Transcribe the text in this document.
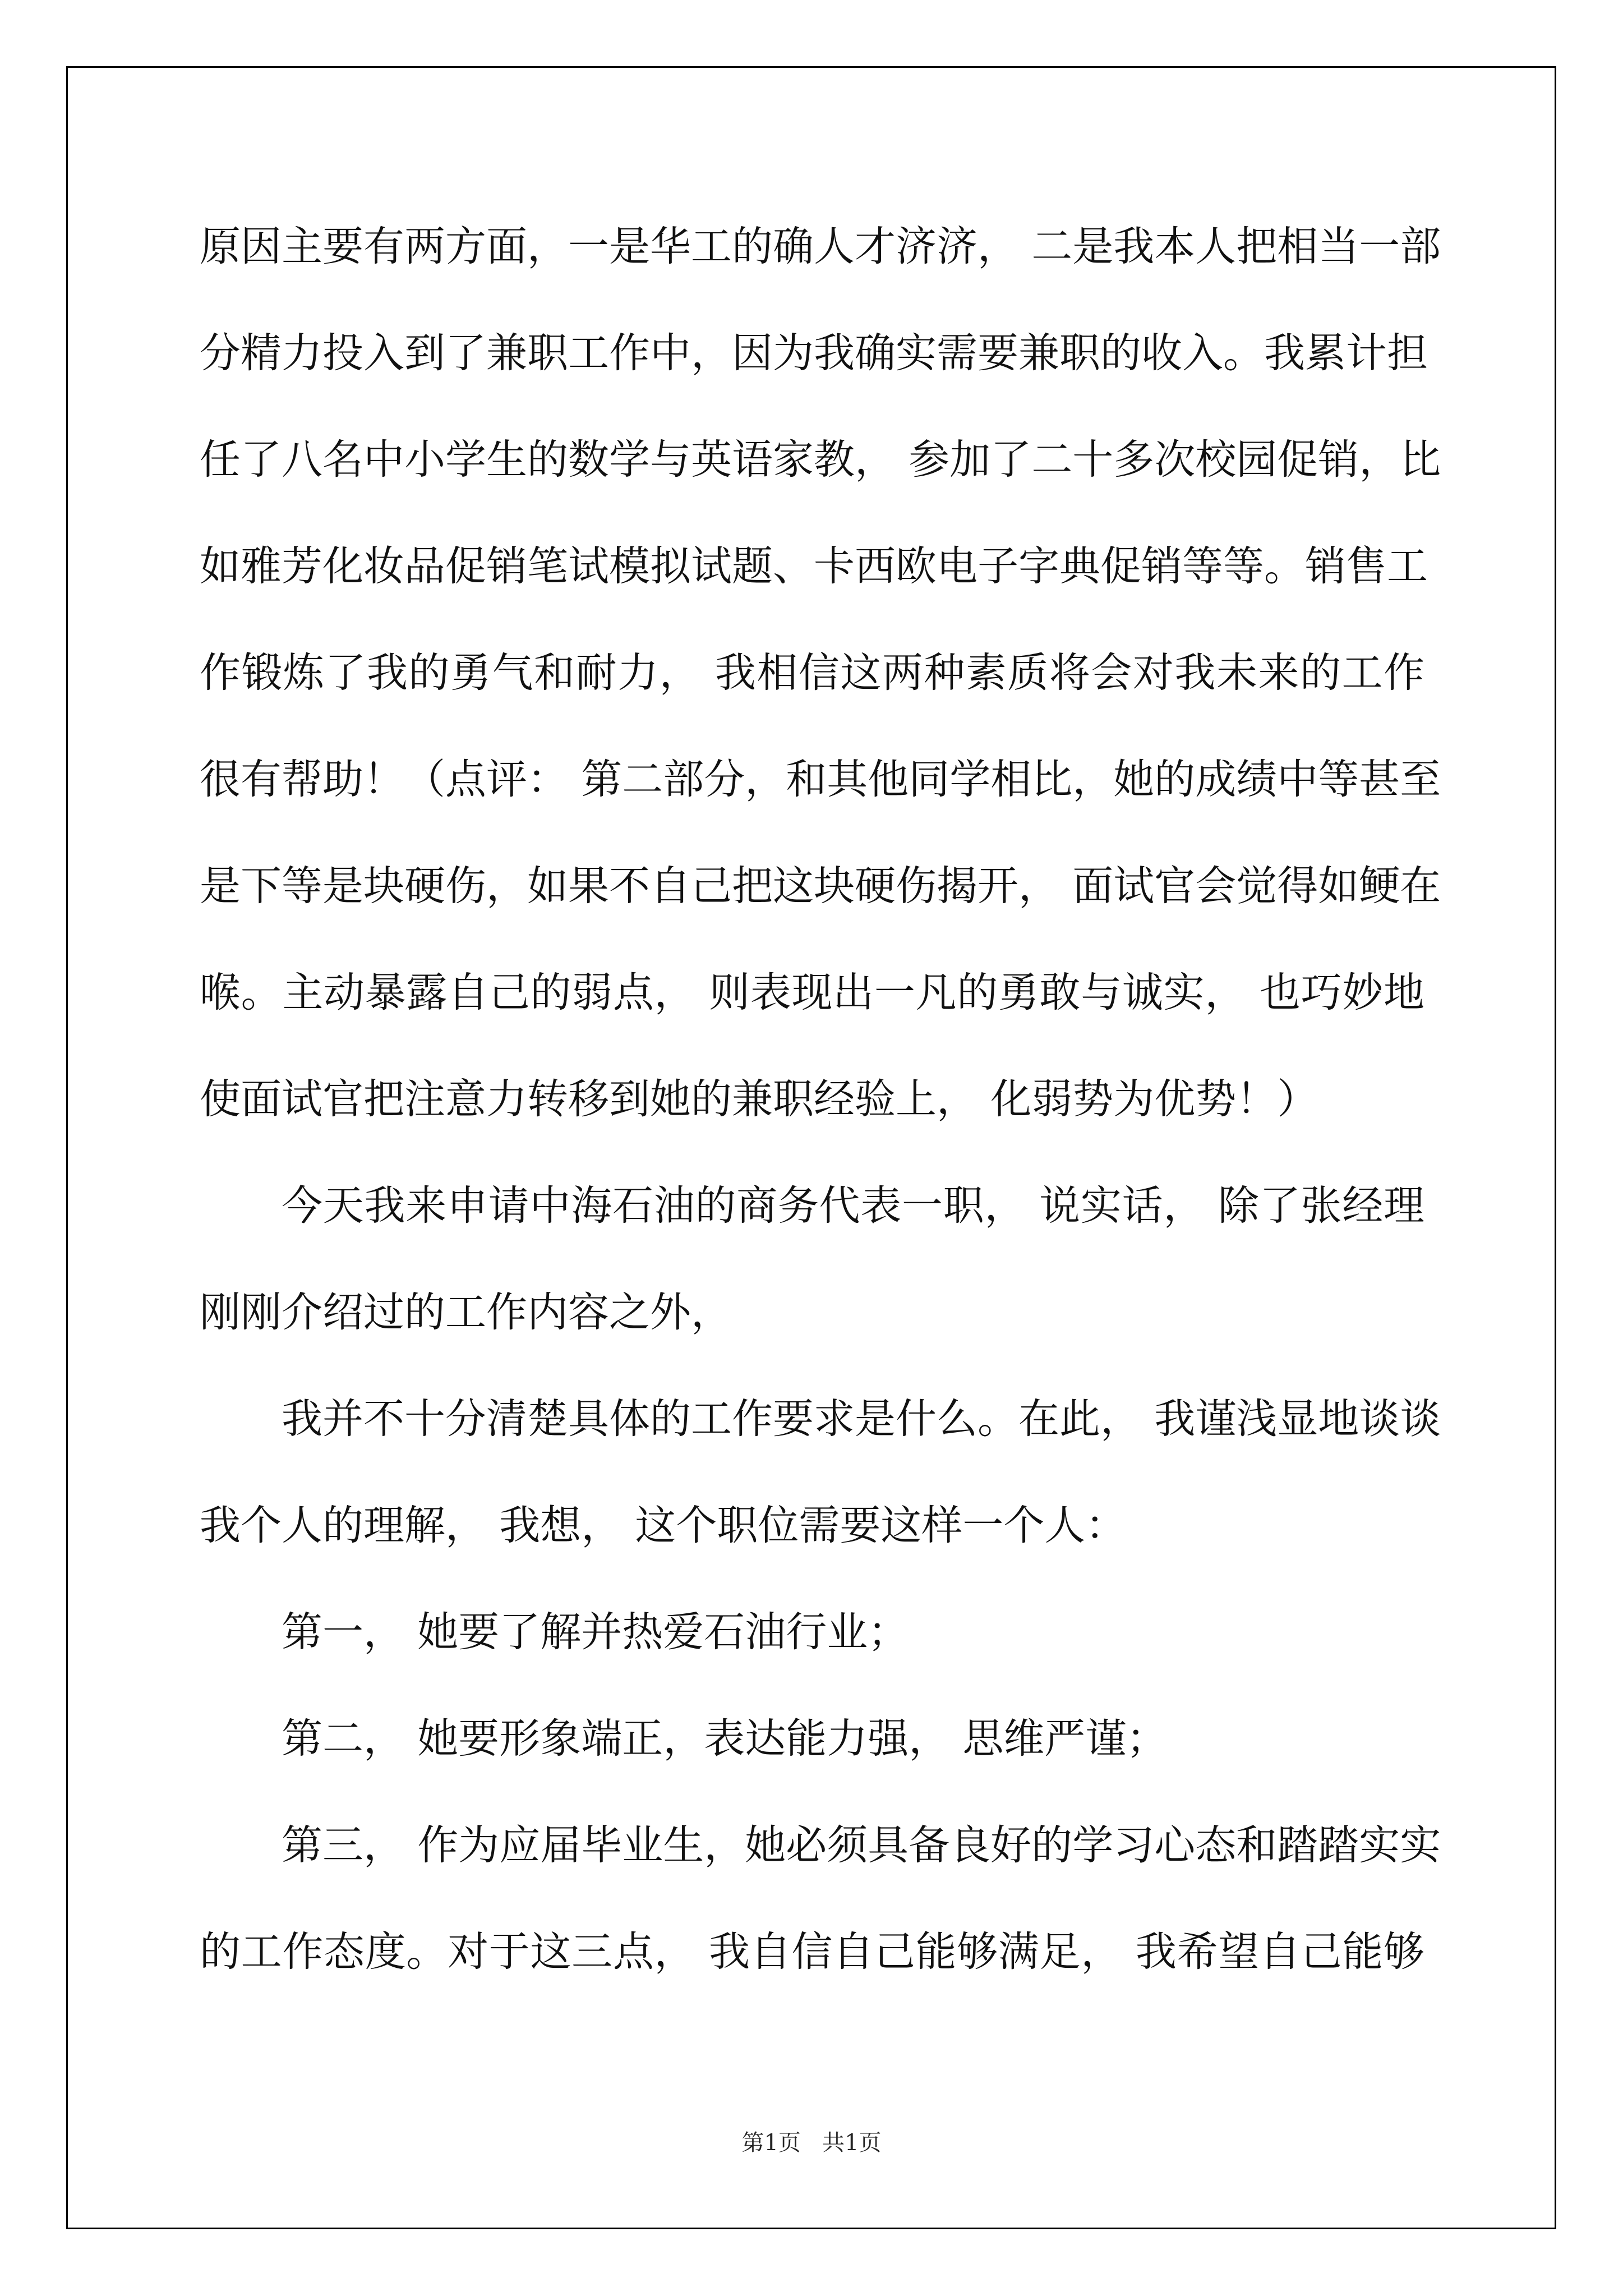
原因主要有两方面，一是华工的确人才济济， 二是我本人把相当一部
分精力投入到了兼职工作中，因为我确实需要兼职的收入。我累计担
任了八名中小学生的数学与英语家教， 参加了二十多次校园促销，比
如雅芳化妆品促销笔试模拟试题、卡西欧电子字典促销等等。销售工
作锻炼了我的勇气和耐力， 我相信这两种素质将会对我未来的工作
很有帮助！（点评： 第二部分，和其他同学相比，她的成绩中等甚至
是下等是块硬伤，如果不自己把这块硬伤揭开， 面试官会觉得如鲠在
喉。主动暴露自己的弱点， 则表现出一凡的勇敢与诚实， 也巧妙地
使面试官把注意力转移到她的兼职经验上， 化弱势为优势！）
今天我来申请中海石油的商务代表一职， 说实话， 除了张经理
刚刚介绍过的工作内容之外，
我并不十分清楚具体的工作要求是什么。在此， 我谨浅显地谈谈
我个人的理解， 我想， 这个职位需要这样一个人：
第一， 她要了解并热爱石油行业；
第二， 她要形象端正，表达能力强， 思维严谨；
第三， 作为应届毕业生，她必须具备良好的学习心态和踏踏实实
的工作态度。对于这三点， 我自信自己能够满足， 我希望自己能够
第1页   共1页
